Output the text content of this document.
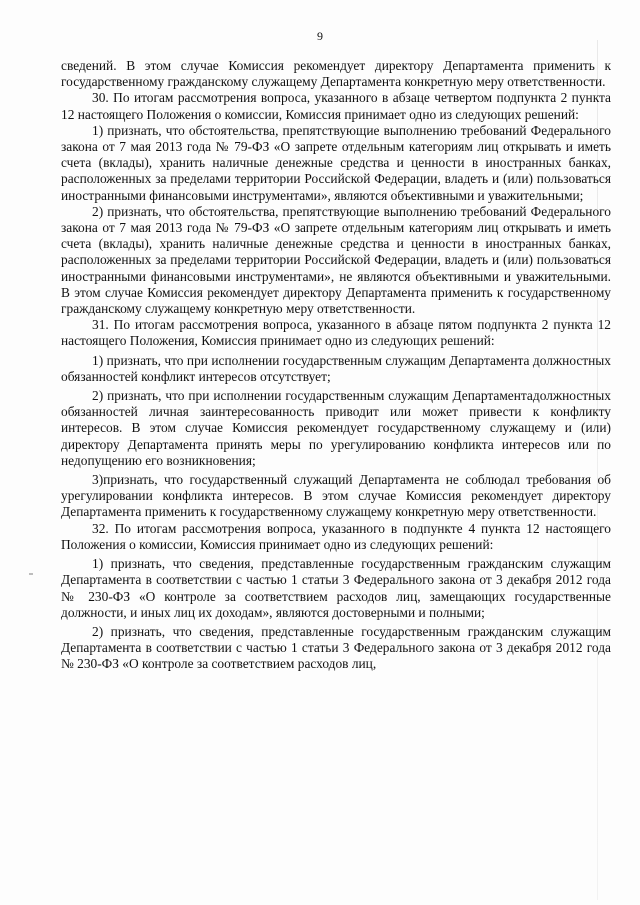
9

сведений. В этом случае Комиссия рекомендует директору Департамента применить к государственному гражданскому служащему Департамента конкретную меру ответственности.

30. По итогам рассмотрения вопроса, указанного в абзаце четвертом подпункта 2 пункта 12 настоящего Положения о комиссии, Комиссия принимает одно из следующих решений:

1) признать, что обстоятельства, препятствующие выполнению требований Федерального закона от 7 мая 2013 года № 79-ФЗ «О запрете отдельным категориям лиц открывать и иметь счета (вклады), хранить наличные денежные средства и ценности в иностранных банках, расположенных за пределами территории Российской Федерации, владеть и (или) пользоваться иностранными финансовыми инструментами», являются объективными и уважительными;

2) признать, что обстоятельства, препятствующие выполнению требований Федерального закона от 7 мая 2013 года № 79-ФЗ «О запрете отдельным категориям лиц открывать и иметь счета (вклады), хранить наличные денежные средства и ценности в иностранных банках, расположенных за пределами территории Российской Федерации, владеть и (или) пользоваться иностранными финансовыми инструментами», не являются объективными и уважительными. В этом случае Комиссия рекомендует директору Департамента применить к государственному гражданскому служащему конкретную меру ответственности.

31. По итогам рассмотрения вопроса, указанного в абзаце пятом подпункта 2 пункта 12 настоящего Положения, Комиссия принимает одно из следующих решений:

1) признать, что при исполнении государственным служащим Департамента должностных обязанностей конфликт интересов отсутствует;

2) признать, что при исполнении государственным служащим Департаментадолжностных обязанностей личная заинтересованность приводит или может привести к конфликту интересов. В этом случае Комиссия рекомендует государственному служащему и (или) директору Департамента принять меры по урегулированию конфликта интересов или по недопущению его возникновения;

3)признать, что государственный служащий Департамента не соблюдал требования об урегулировании конфликта интересов. В этом случае Комиссия рекомендует директору Департамента применить к государственному служащему конкретную меру ответственности.

32. По итогам рассмотрения вопроса, указанного в подпункте 4 пункта 12 настоящего Положения о комиссии, Комиссия принимает одно из следующих решений:

1) признать, что сведения, представленные государственным гражданским служащим Департамента в соответствии с частью 1 статьи 3 Федерального закона от 3 декабря 2012 года № 230-ФЗ «О контроле за соответствием расходов лиц, замещающих государственные должности, и иных лиц их доходам», являются достоверными и полными;

2) признать, что сведения, представленные государственным гражданским служащим Департамента в соответствии с частью 1 статьи 3 Федерального закона от 3 декабря 2012 года № 230-ФЗ «О контроле за соответствием расходов лиц,
